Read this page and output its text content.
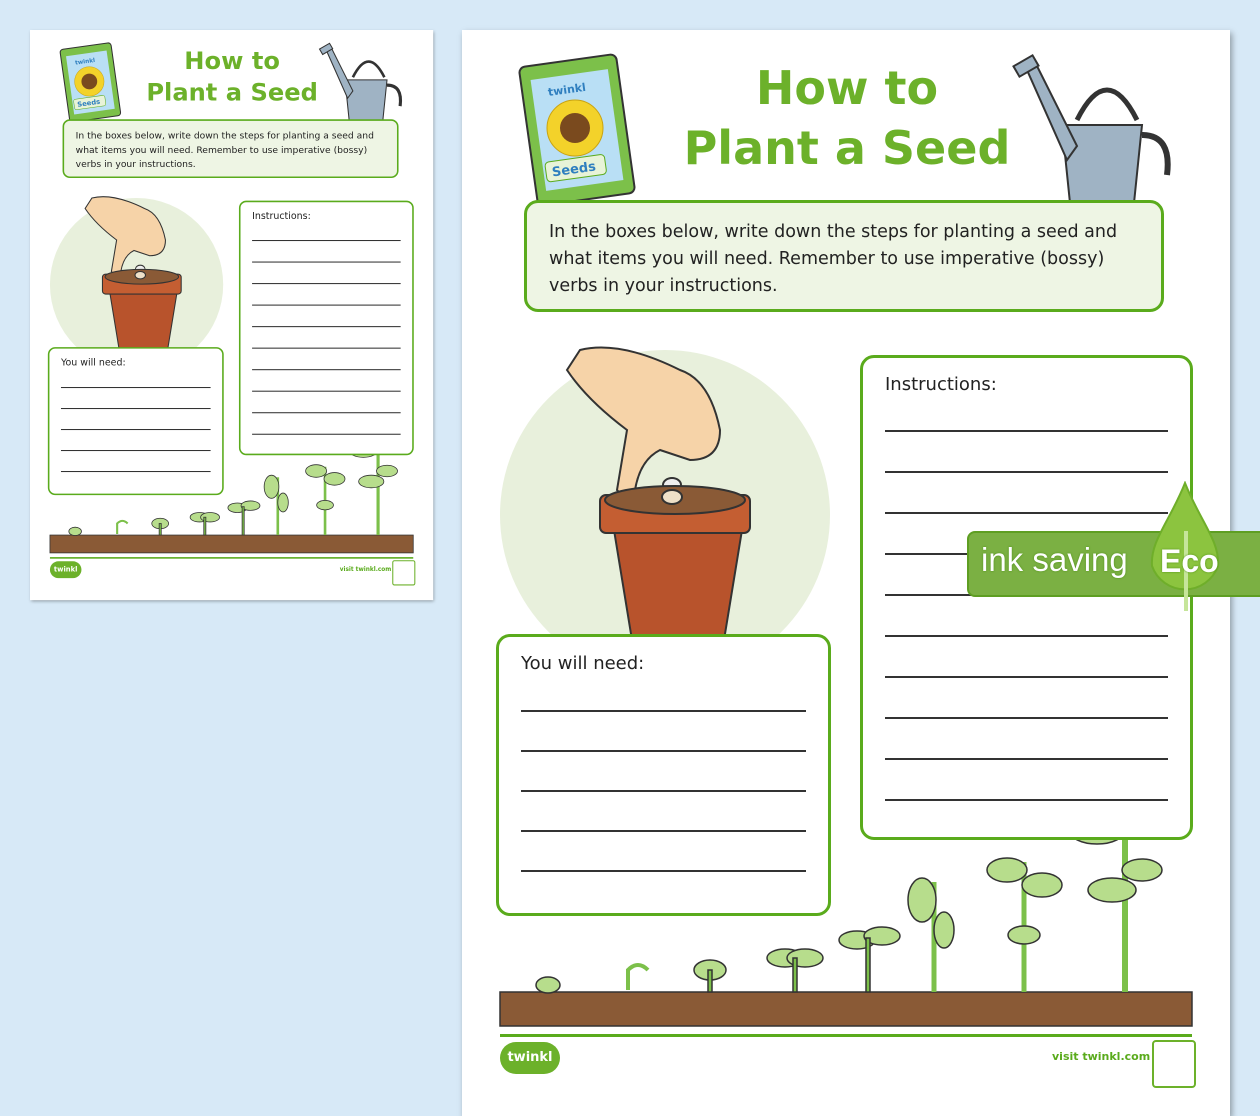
Seeds
twinkl	How to
Plant a Seed
In the boxes below, write down the steps for planting a seed and what items you will need. Remember to use imperative (bossy) verbs in your instructions.
Instructions:
You will need:
twinkl	visit twinkl.com
Seeds
twinkl	How to
Plant a Seed
In the boxes below, write down the steps for planting a seed and what items you will need. Remember to use imperative (bossy) verbs in your instructions.
Instructions:
You will need:
twinkl	visit twinkl.com
ink saving Eco
